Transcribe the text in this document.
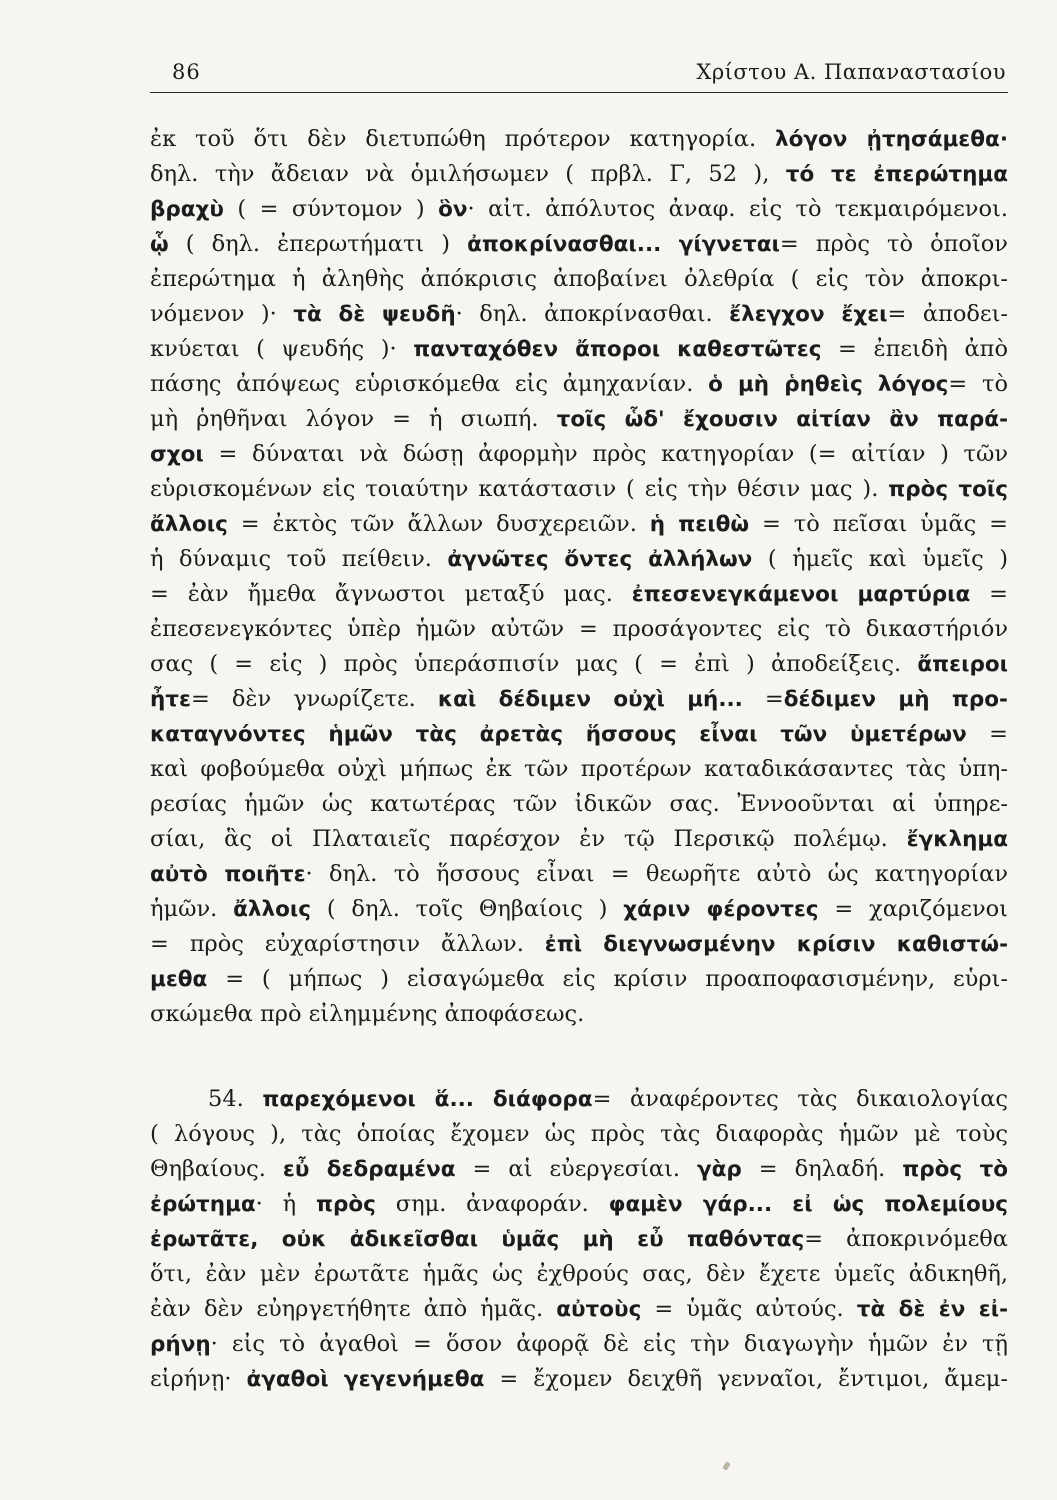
86	Χρίστου Α. Παπαναστασίου
ἐκ τοῦ ὅτι δὲν διετυπώθη πρότερον κατηγορία. λόγον ᾐτησάμεθα·
δηλ. τὴν ἄδειαν νὰ ὁμιλήσωμεν ( πρβλ. Γ, 52 ), τό τε ἐπερώτημα
βραχὺ ( = σύντομον ) ὃν· αἰτ. ἀπόλυτος ἀναφ. εἰς τὸ τεκμαιρόμενοι.
ᾧ ( δηλ. ἐπερωτήματι ) ἀποκρίνασθαι... γίγνεται= πρὸς τὸ ὁποῖον
ἐπερώτημα ἡ ἀληθὴς ἀπόκρισις ἀποβαίνει ὀλεθρία ( εἰς τὸν ἀποκρι-
νόμενον )· τὰ δὲ ψευδῆ· δηλ. ἀποκρίνασθαι. ἔλεγχον ἔχει= ἀποδει-
κνύεται ( ψευδής )· πανταχόθεν ἄποροι καθεστῶτες = ἐπειδὴ ἀπὸ
πάσης ἀπόψεως εὑρισκόμεθα εἰς ἀμηχανίαν. ὁ μὴ ῥηθεὶς λόγος= τὸ
μὴ ῥηθῆναι λόγον = ἡ σιωπή. τοῖς ὧδ' ἔχουσιν αἰτίαν ἂν παρά-
σχοι = δύναται νὰ δώσῃ ἀφορμὴν πρὸς κατηγορίαν (= αἰτίαν ) τῶν
εὑρισκομένων εἰς τοιαύτην κατάστασιν ( εἰς τὴν θέσιν μας ). πρὸς τοῖς
ἄλλοις = ἐκτὸς τῶν ἄλλων δυσχερειῶν. ἡ πειθὼ = τὸ πεῖσαι ὑμᾶς =
ἡ δύναμις τοῦ πείθειν. ἀγνῶτες ὄντες ἀλλήλων ( ἡμεῖς καὶ ὑμεῖς )
= ἐὰν ἤμεθα ἄγνωστοι μεταξύ μας. ἐπεσενεγκάμενοι μαρτύρια =
ἐπεσενεγκόντες ὑπὲρ ἡμῶν αὐτῶν = προσάγοντες εἰς τὸ δικαστήριόν
σας ( = εἰς ) πρὸς ὑπεράσπισίν μας ( = ἐπὶ ) ἀποδείξεις. ἄπειροι
ἦτε= δὲν γνωρίζετε. καὶ δέδιμεν οὐχὶ μή... =δέδιμεν μὴ προ-
καταγνόντες ἡμῶν τὰς ἀρετὰς ἥσσους εἶναι τῶν ὑμετέρων =
καὶ φοβούμεθα οὐχὶ μήπως ἐκ τῶν προτέρων καταδικάσαντες τὰς ὑπη-
ρεσίας ἡμῶν ὡς κατωτέρας τῶν ἰδικῶν σας. Ἐννοοῦνται αἱ ὑπηρε-
σίαι, ἃς οἱ Πλαταιεῖς παρέσχον ἐν τῷ Περσικῷ πολέμῳ. ἔγκλημα
αὐτὸ ποιῆτε· δηλ. τὸ ἥσσους εἶναι = θεωρῆτε αὐτὸ ὡς κατηγορίαν
ἡμῶν. ἄλλοις ( δηλ. τοῖς Θηβαίοις ) χάριν φέροντες = χαριζόμενοι
= πρὸς εὐχαρίστησιν ἄλλων. ἐπὶ διεγνωσμένην κρίσιν καθιστώ-
μεθα = ( μήπως ) εἰσαγώμεθα εἰς κρίσιν προαποφασισμένην, εὑρι-
σκώμεθα πρὸ εἰλημμένης ἀποφάσεως.
54. παρεχόμενοι ἅ... διάφορα= ἀναφέροντες τὰς δικαιολογίας
( λόγους ), τὰς ὁποίας ἔχομεν ὡς πρὸς τὰς διαφορὰς ἡμῶν μὲ τοὺς
Θηβαίους. εὖ δεδραμένα = αἱ εὐεργεσίαι. γὰρ = δηλαδή. πρὸς τὸ
ἐρώτημα· ἡ πρὸς σημ. ἀναφοράν. φαμὲν γάρ... εἰ ὡς πολεμίους
ἐρωτᾶτε, οὐκ ἀδικεῖσθαι ὑμᾶς μὴ εὖ παθόντας= ἀποκρινόμεθα
ὅτι, ἐὰν μὲν ἐρωτᾶτε ἡμᾶς ὡς ἐχθρούς σας, δὲν ἔχετε ὑμεῖς ἀδικηθῆ,
ἐὰν δὲν εὐηργετήθητε ἀπὸ ἡμᾶς. αὐτοὺς = ὑμᾶς αὐτούς. τὰ δὲ ἐν εἰ-
ρήνῃ· εἰς τὸ ἀγαθοὶ = ὅσον ἀφορᾷ δὲ εἰς τὴν διαγωγὴν ἡμῶν ἐν τῇ
εἰρήνῃ· ἀγαθοὶ γεγενήμεθα = ἔχομεν δειχθῆ γενναῖοι, ἔντιμοι, ἄμεμ-
